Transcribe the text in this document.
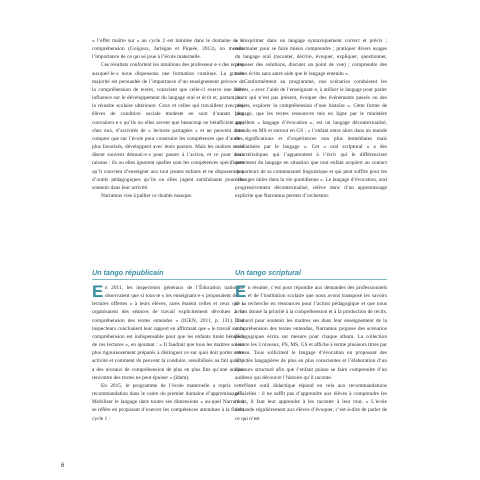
« l’effet maître sur » au cycle 2 est minime dans le domaine de la compréhension (Goigoux, Jarlégan et Piquée, 2013), on mesure l’importance de ce qui se joue à l’école maternelle.

Ces résultats confortent les intuitions des professeur·e·s des écoles auxquel·le·s nous dispensons une formation continue. La grande majorité est persuadée de l’importance d’un enseignement précoce de la compréhension de textes, conscient que celle-ci exerce une forte influence sur le développement du langage oral et écrit et, partant, sur la réussite scolaire ultérieure. Ceux et celles qui travaillent avec des élèves de condition sociale modeste en sont d’autant plus convaincu·e·s qu’ils ou elles savent que beaucoup ne bénéficient pas, chez eux, d’activités de « lectures partagées » et ne peuvent donc compter que sur l’école pour construire les compétences que d’autres, plus favorisés, développent avec leurs parents. Mais les maîtres ne se disent souvent démuni·e·s pour passer à l’action, et ce pour deux raisons : ils ou elles ignorent quelles sont les compétences spécifiques qu’il convient d’enseigner aux tout jeunes enfants et ne disposent pas d’outils pédagogiques qu’ils ou elles jugent satisfaisants pour les soutenir dans leur activité.

Narramus vise à pallier ce double manque.

Un tango républicain

En 2011, les inspecteurs généraux de l’Éducation nationale observaient que si tous·te·s les enseignant·e·s proposaient des « lectures offertes » à leurs élèves, rares étaient celles et ceux qui « organisaient des séances de travail explicitement dévolues à la compréhension des textes entendus » (IGEN, 2011, p. 131). Les inspecteurs concluaient leur rapport en affirmant que « le travail sur la compréhension est indispensable pour que les enfants tirent bénéfice de ces lectures », en ajoutant : « Il faudrait que tous les maîtres soient plus rigoureusement préparés à distinguer ce sur quoi doit porter cette activité et comment ils peuvent la conduire, sensibilisés au fait qu’il y a des niveaux de compréhension de plus en plus fins qu’une unique rencontre des textes ne peut épuiser » (Idem).

En 2015, le programme de l’école maternelle a repris cette recommandation dans le cadre du premier domaine d’apprentissage « Mobiliser le langage dans toutes ses dimensions » au-quel Narramus se réfère en proposant d’exercer les compétences attendues à la fin du cycle 1 :

« s’exprimer dans un langage syntaxiquement correct et précis ; reformuler pour se faire mieux comprendre ; pratiquer divers usages du langage oral (raconter, décrire, évoquer, expliquer, questionner, proposer des solutions, discuter un point de vue) ; comprendre des textes écrits sans autre aide que le langage entendu ».

Conformément au programme, nos scénarios conduisent les élèves, « avec l’aide de l’enseignant·e, à utiliser le langage pour parler de ce qui n’est pas présent, évoquer des événements passés ou des projets, explorer la compréhension d’une histoire ». Cette forme de langage, que les textes ressources mis en ligne par le ministère appellent « langage d’évocation », est un langage décontextualisé, attendu en MS et surtout en GS : « l’enfant entre alors dans un monde de significations et d’expériences non plus immédiates mais médiatisées par le langage ». Cet « oral scriptural » a des caractéristiques qui l’apparentent à l’écrit qui le différencient nettement du langage en situation que tout enfant acquiert au contact de parleurs de sa communauté linguistique et qui peut suffire pour les échanges utiles dans la vie quotidienne ». Le langage d’évocation, oral progressivement décontextualisé, relève donc d’un apprentissage explicite que Narramus permet d’orchestrer.

Un tango scriptural

En résumé, c’est pour répondre aux demandes des professionnels et de l’institution scolaire que nous avons transposé les savoirs de la recherche en ressources pour l’action pédagogique et que nous avons donné la priorité à la compréhension et à la production de récits. D’abord pour soutenir les maîtres ses dans leur enseignement de la compréhension des textes entendus, Narramus propose des scénarios pédagogiques écrits sur mesure pour chaque album. La collection couvre les 3 niveaux, PS, MS, GS et affiche à terme plusieurs titres par niveau. Tous sollicitent le langage d’évocation en proposant des activités langagières de plus en plus conscientes et l’élaboration d’un discours structuré afin que l’enfant puisse se faire comprendre d’un auditeur qui découvre l’histoire qu’il raconte.

Notre outil didactique répond en cela aux recommandations officielles : il ne suffit pas d’apprendre aux élèves à comprendre les récits, il faut leur apprendre à les raconter à leur tour. « L’école demande régulièrement aux élèves d’évoquer, c’est-à-dire de parler de ce qui n’est

6
